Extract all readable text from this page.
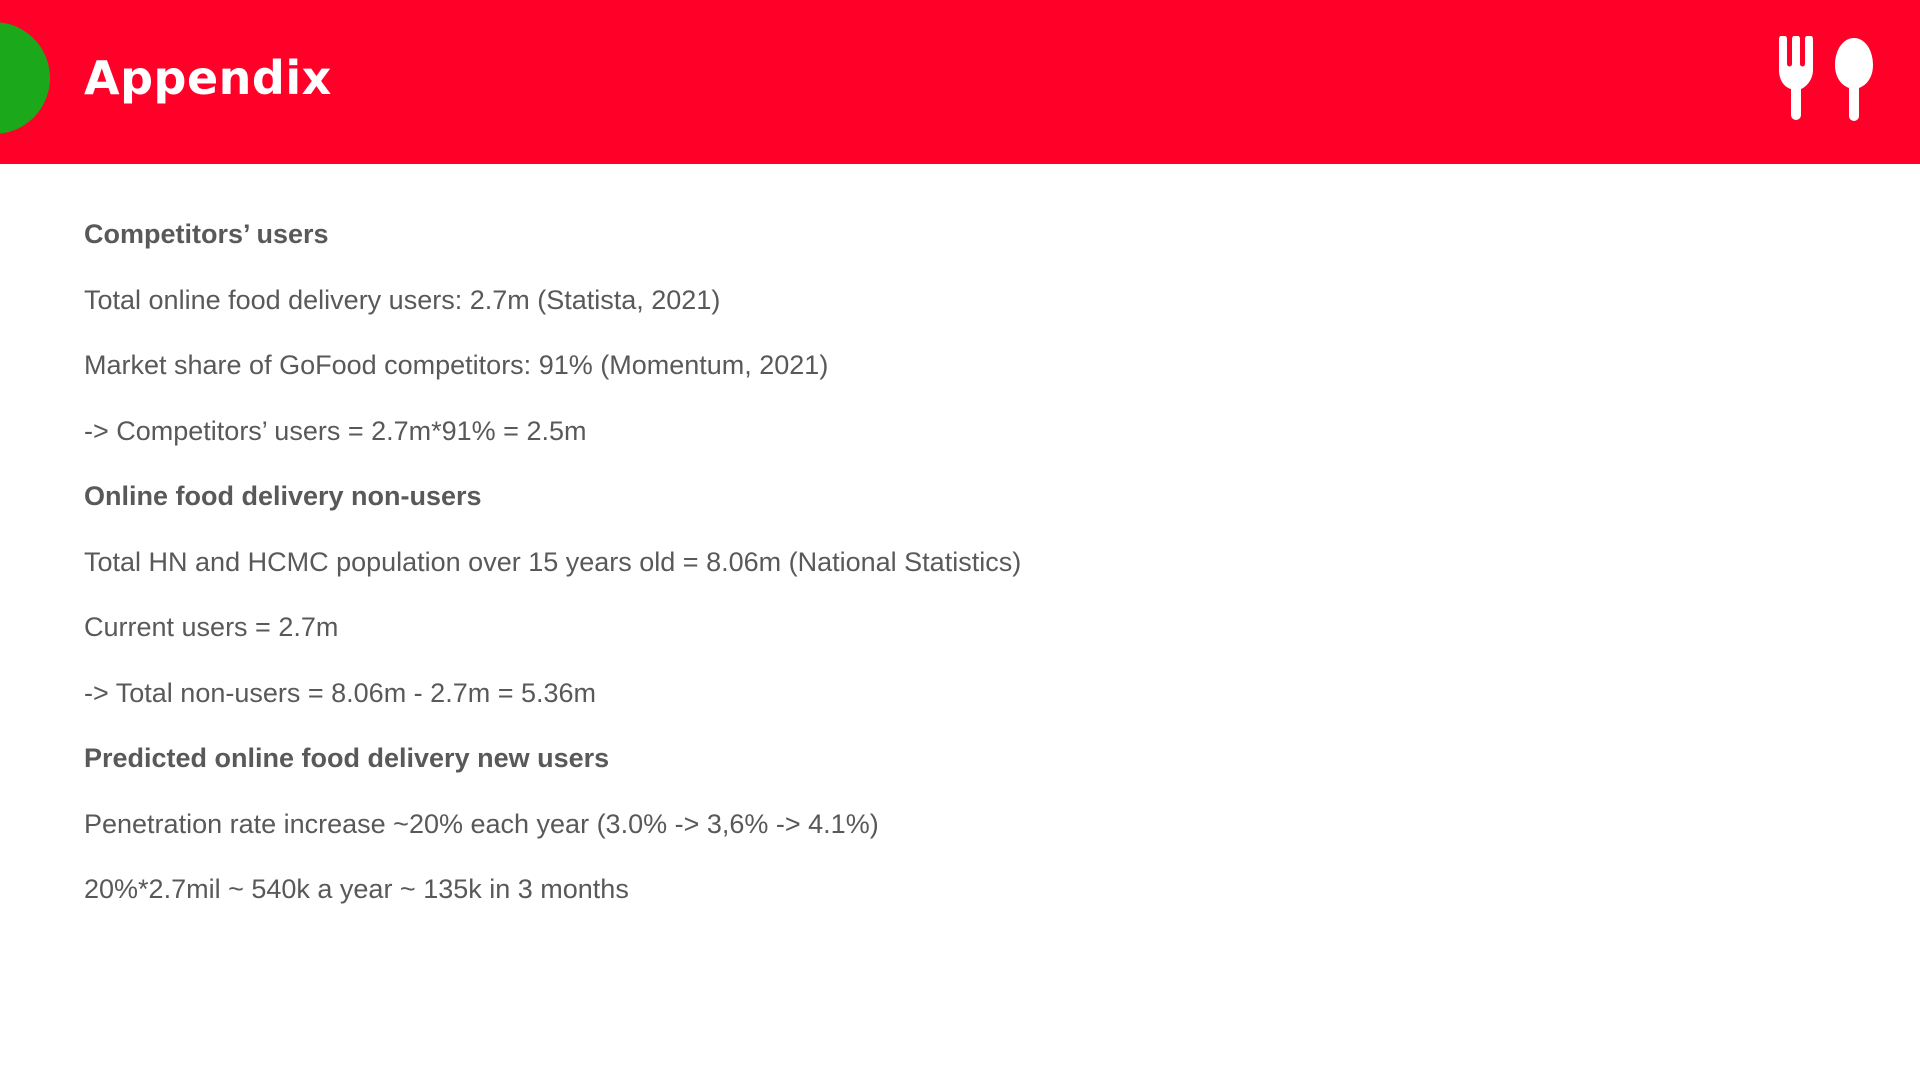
Appendix

Competitors’ users

Total online food delivery users: 2.7m (Statista, 2021)

Market share of GoFood competitors: 91% (Momentum, 2021)

-> Competitors’ users = 2.7m*91% = 2.5m

Online food delivery non-users

Total HN and HCMC population over 15 years old = 8.06m (National Statistics)

Current users = 2.7m

-> Total non-users = 8.06m - 2.7m = 5.36m

Predicted online food delivery new users

Penetration rate increase ~20% each year (3.0% -> 3,6% -> 4.1%)

20%*2.7mil ~ 540k a year ~ 135k in 3 months
